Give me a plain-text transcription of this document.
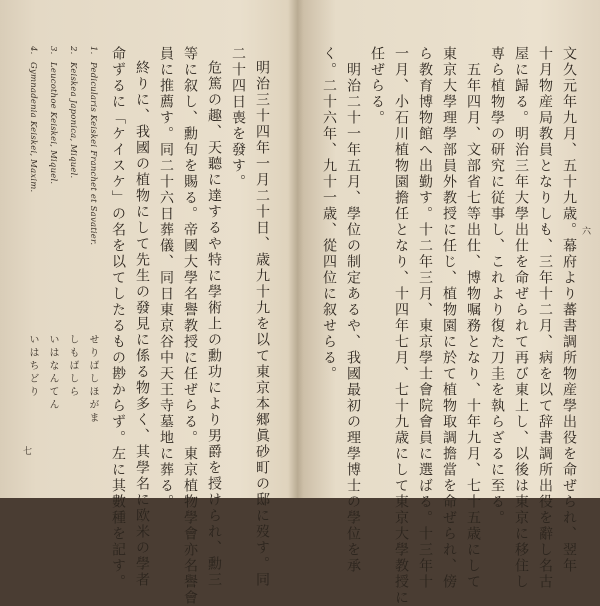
六
文久元年九月、五十九歳。幕府より蕃書調所物産學出役を命ぜられ、翌年
十月物産局教員となりしも、三年十二月、病を以て辞書調所出役を辭し名古
屋に歸る。明治三年大學出仕を命ぜられて再び東上し、以後は東京に移住し
専ら植物學の研究に従事し、これより復た刀圭を執らざるに至る。
五年四月、文部省七等出仕、博物嘱務となり、十年九月、七十五歳にして
東京大學理學部員外教授に任じ、植物園に於て植物取調擔當を命ぜられ、傍
ら教育博物館へ出勤す。十二年三月、東京學士會院會員に選ばる。十三年十
一月、小石川植物園擔任となり、十四年七月、七十九歳にして東京大學教授に
任ぜらる。
明治二十一年五月、學位の制定あるや、我國最初の理學博士の學位を承
く。二十六年、九十一歳、從四位に叙せらる。
明治三十四年一月二十日、歳九十九を以て東京本郷眞砂町の邸に歿す。同
二十四日喪を發す。
危篤の趣、天聽に達するや特に學術上の勳功により男爵を授けられ、勳三
等に叙し、勳旬を賜る。帝國大學名譽教授に任ぜらる。東京植物學會亦名譽會
員に推薦す。同二十六日葬儀、同日東京谷中天王寺墓地に葬る。
終りに、我國の植物にして先生の發見に係る物多く、其學名に欧米の學者
命ずるに「ケイスケ」の名を以てしたるもの尠からず。左に其數種を記す。
1.
Pedicularis Keiskei Franchet et Savatier.
せりばしほがま
2.
Keiskea Japonica, Miquel.
しもばしら
3.
Leucothoe Keiskei, Miquel.
いはなんてん
4.
Gymnadenia Keiskei, Maxim.
いはちどり
七
